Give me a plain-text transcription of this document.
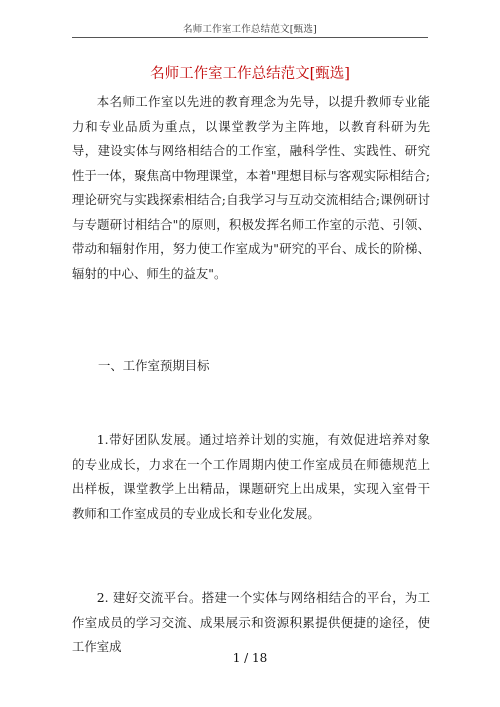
名师工作室工作总结范文[甄选]
名师工作室工作总结范文[甄选]

本名师工作室以先进的教育理念为先导，以提升教师专业能力和专业品质为重点，以课堂教学为主阵地，以教育科研为先导，建设实体与网络相结合的工作室，融科学性、实践性、研究性于一体，聚焦高中物理课堂，本着"理想目标与客观实际相结合;理论研究与实践探索相结合;自我学习与互动交流相结合;课例研讨与专题研讨相结合"的原则，积极发挥名师工作室的示范、引领、带动和辐射作用，努力使工作室成为"研究的平台、成长的阶梯、辐射的中心、师生的益友"。

一、工作室预期目标

1.带好团队发展。通过培养计划的实施，有效促进培养对象的专业成长，力求在一个工作周期内使工作室成员在师德规范上出样板，课堂教学上出精品，课题研究上出成果，实现入室骨干教师和工作室成员的专业成长和专业化发展。

2. 建好交流平台。搭建一个实体与网络相结合的平台，为工作室成员的学习交流、成果展示和资源积累提供便捷的途径，使工作室成

1 / 18
